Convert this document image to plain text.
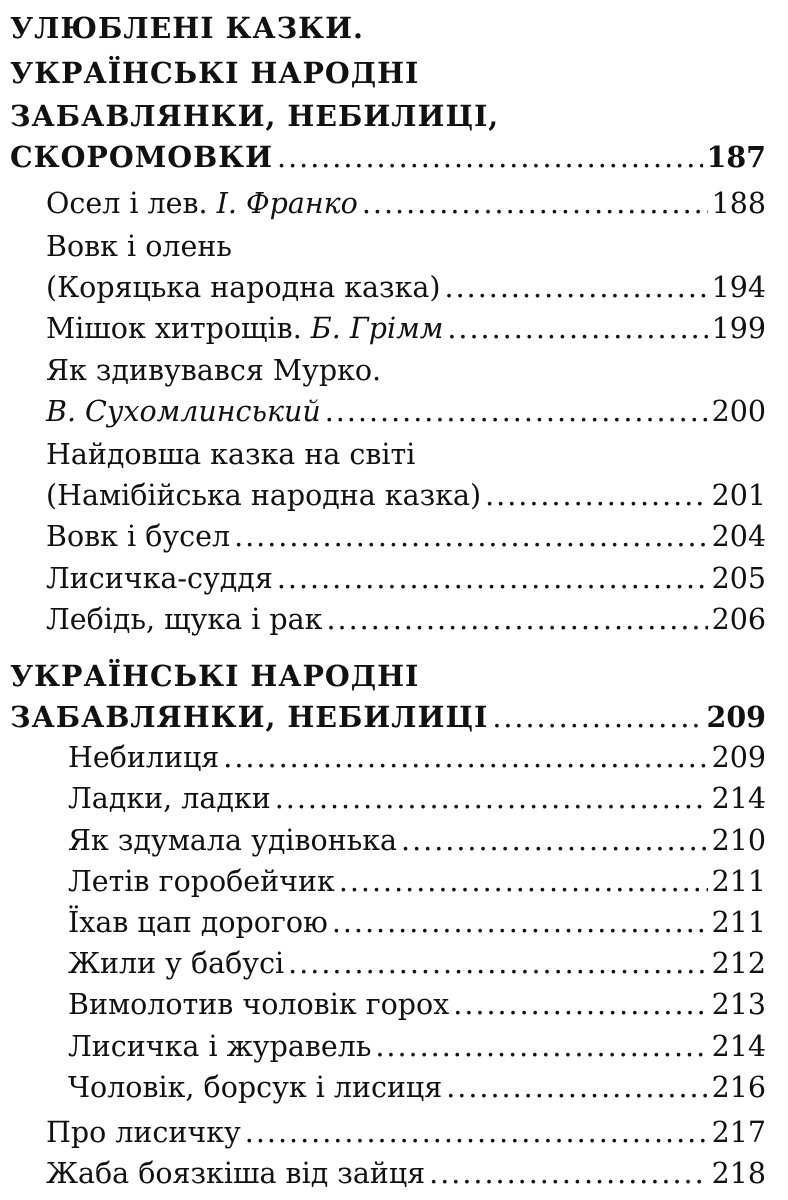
УЛЮБЛЕНІ КАЗКИ.
УКРАЇНСЬКІ НАРОДНІ
ЗАБАВЛЯНКИ, НЕБИЛИЦІ,
СКОРОМОВКИ .....	187
Осел і лев. І. Франко .....	188
Вовк і олень
(Коряцька народна казка) .....	194
Мішок хитрощів. Б. Грімм .....	199
Як здивувався Мурко.
В. Сухомлинський .....	200
Найдовша казка на світі
(Намібійська народна казка) .....	201
Вовк і бусел .....	204
Лисичка-суддя .....	205
Лебідь, щука і рак .....	206
УКРАЇНСЬКІ НАРОДНІ
ЗАБАВЛЯНКИ, НЕБИЛИЦІ .....	209
Небилиця .....	209
Ладки, ладки .....	214
Як здумала удівонька .....	210
Летів горобейчик .....	211
Їхав цап дорогою .....	211
Жили у бабусі .....	212
Вимолотив чоловік горох .....	213
Лисичка і журавель .....	214
Чоловік, борсук і лисиця .....	216
Про лисичку .....	217
Жаба боязкіша від зайця .....	218
